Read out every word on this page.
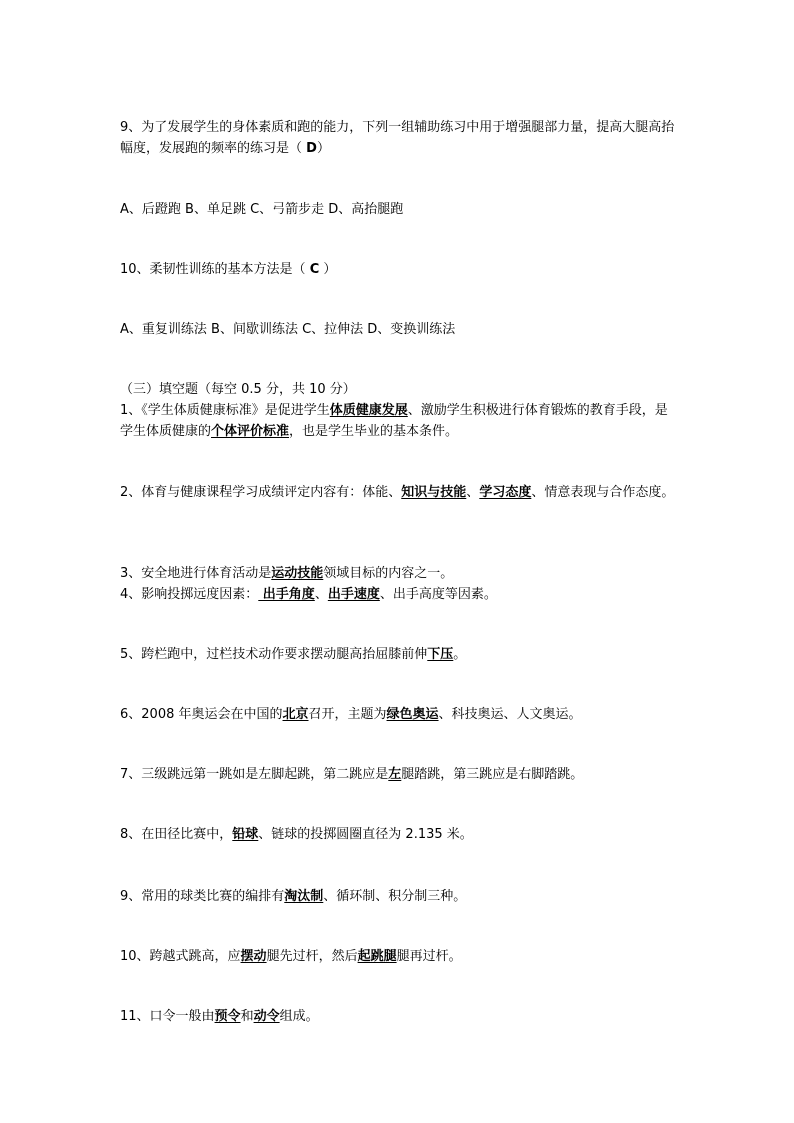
9、为了发展学生的身体素质和跑的能力，下列一组辅助练习中用于增强腿部力量，提高大腿高抬幅度，发展跑的频率的练习是（ D）
A、后蹬跑 B、单足跳 C、弓箭步走 D、高抬腿跑
10、柔韧性训练的基本方法是（ C ）
A、重复训练法 B、间歇训练法 C、拉伸法 D、变换训练法
（三）填空题（每空 0.5 分，共 10 分）
1、《学生体质健康标准》是促进学生体质健康发展、激励学生积极进行体育锻炼的教育手段，是学生体质健康的个体评价标准，也是学生毕业的基本条件。
2、体育与健康课程学习成绩评定内容有：体能、知识与技能、学习态度、情意表现与合作态度。
3、安全地进行体育活动是运动技能领域目标的内容之一。
4、影响投掷远度因素： 出手角度、出手速度、出手高度等因素。
5、跨栏跑中，过栏技术动作要求摆动腿高抬屈膝前伸下压。
6、2008 年奥运会在中国的北京召开，主题为绿色奥运、科技奥运、人文奥运。
7、三级跳远第一跳如是左脚起跳，第二跳应是左腿踏跳，第三跳应是右脚踏跳。
8、在田径比赛中，铅球、链球的投掷圆圈直径为 2.135 米。
9、常用的球类比赛的编排有淘汰制、循环制、积分制三种。
10、跨越式跳高，应摆动腿先过杆，然后起跳腿腿再过杆。
11、口令一般由预令和动令组成。
